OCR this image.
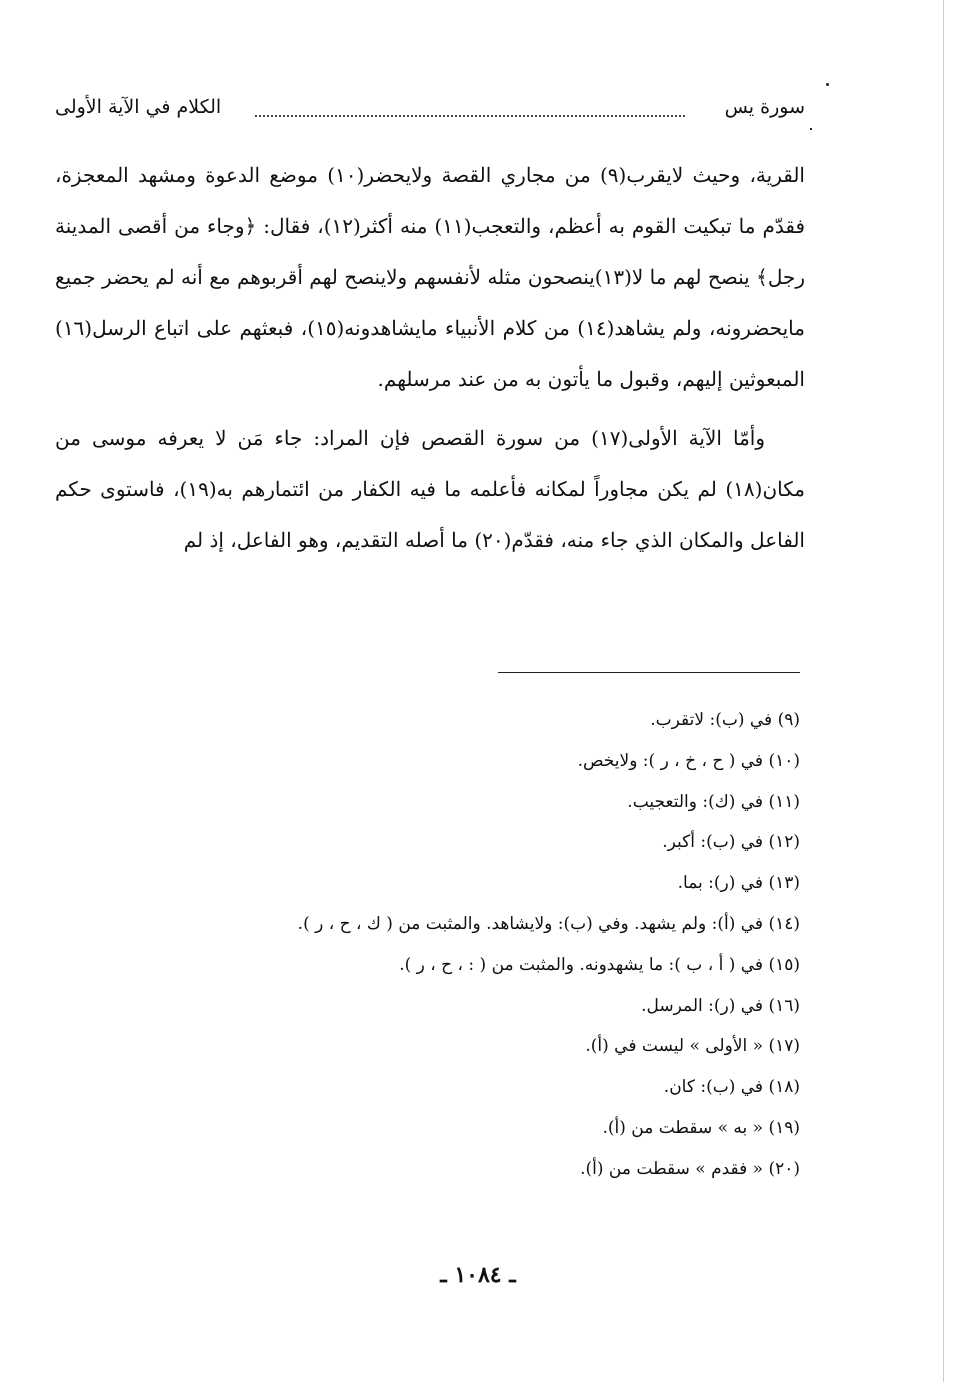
سورة يس
الكلام في الآية الأولى

القرية، وحيث لايقرب(٩) من مجاري القصة ولايحضر(١٠) موضع الدعوة ومشهد المعجزة، فقدّم ما تبكيت القوم به أعظم، والتعجب(١١) منه أكثر(١٢)، فقال: ﴿وجاء من أقصى المدينة رجل﴾ ينصح لهم ما لا(١٣)ينصحون مثله لأنفسهم ولاينصح لهم أقربوهم مع أنه لم يحضر جميع مايحضرونه، ولم يشاهد(١٤) من كلام الأنبياء مايشاهدونه(١٥)، فبعثهم على اتباع الرسل(١٦) المبعوثين إليهم، وقبول ما يأتون به من عند مرسلهم.

وأمّا الآية الأولى(١٧) من سورة القصص فإن المراد: جاء مَن لا يعرفه موسى من مكان(١٨) لم يكن مجاوراً لمكانه فأعلمه ما فيه الكفار من ائتمارهم به(١٩)، فاستوى حكم الفاعل والمكان الذي جاء منه، فقدّم(٢٠) ما أصله التقديم، وهو الفاعل، إذ لم

(٩) في (ب): لاتقرب.
(١٠) في ( ح ، خ ، ر ): ولايخص.
(١١) في (ك): والتعجيب.
(١٢) في (ب): أكبر.
(١٣) في (ر): بما.
(١٤) في (أ): ولم يشهد. وفي (ب): ولايشاهد. والمثبت من ( ك ، ح ، ر ).
(١٥) في ( أ ، ب ): ما يشهدونه. والمثبت من ( : ، ح ، ر ).
(١٦) في (ر): المرسل.
(١٧) « الأولى » ليست في (أ).
(١٨) في (ب): كان.
(١٩) « به » سقطت من (أ).
(٢٠) « فقدم » سقطت من (أ).
ـ ١٠٨٤ ـ
